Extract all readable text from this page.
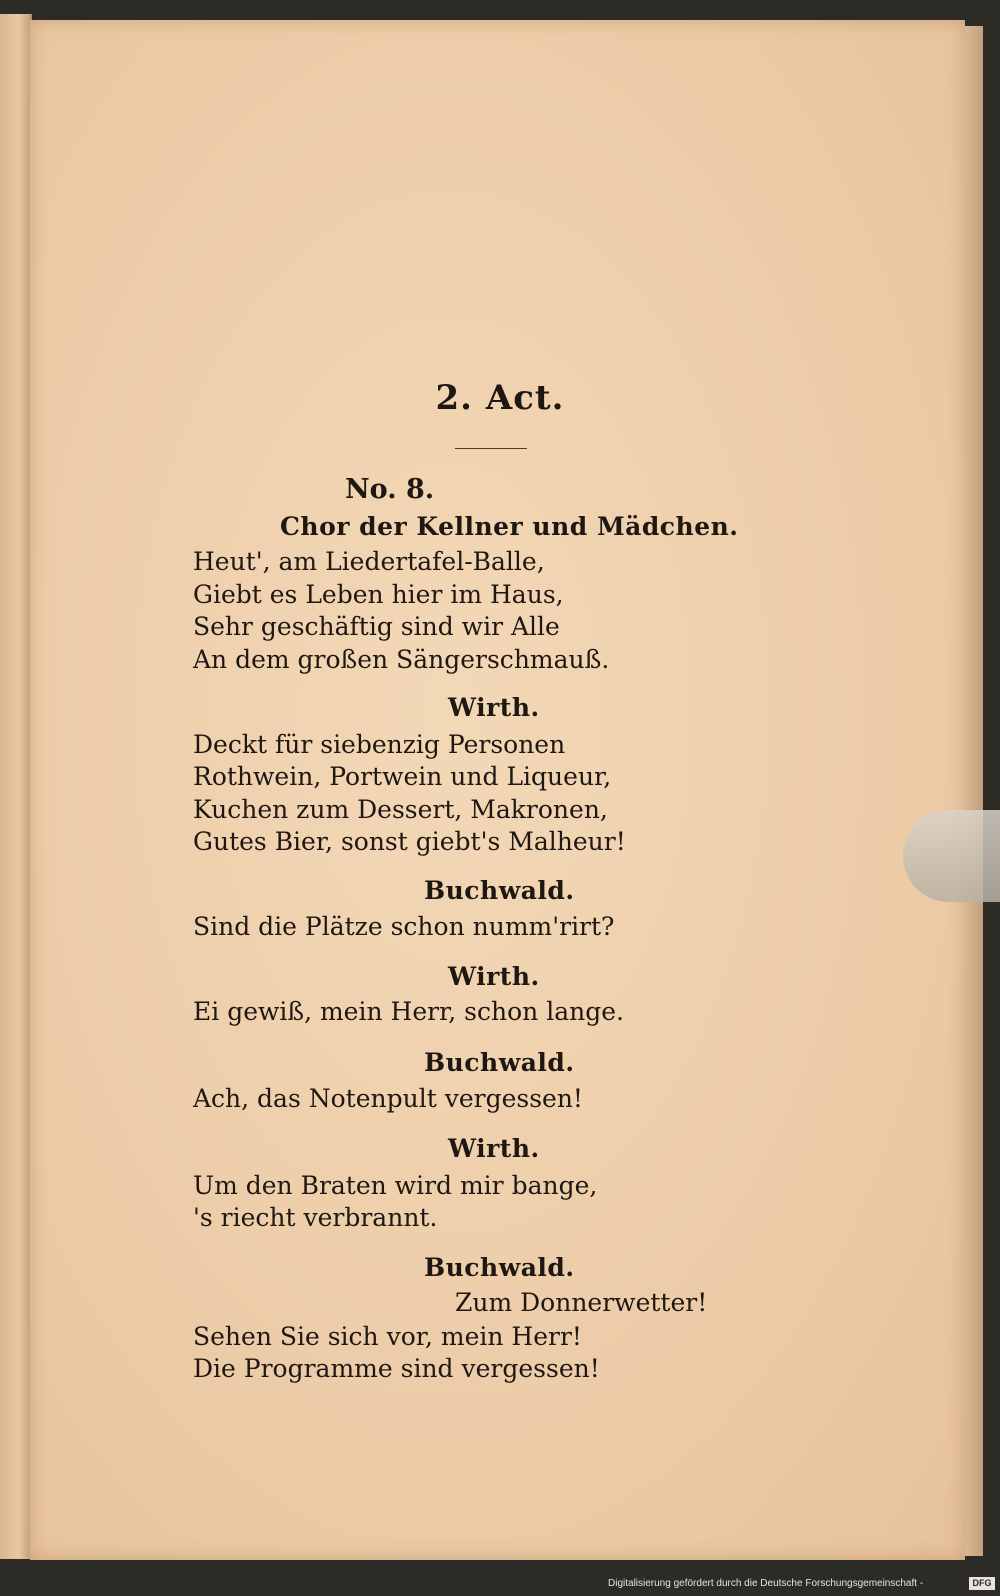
2. Act.
No. 8.
Chor der Kellner und Mädchen.
Heut', am Liedertafel-Balle,
Giebt es Leben hier im Haus,
Sehr geschäftig sind wir Alle
An dem großen Sängerschmauß.
Wirth.
Deckt für siebenzig Personen
Rothwein, Portwein und Liqueur,
Kuchen zum Dessert, Makronen,
Gutes Bier, sonst giebt's Malheur!
Buchwald.
Sind die Plätze schon numm'rirt?
Wirth.
Ei gewiß, mein Herr, schon lange.
Buchwald.
Ach, das Notenpult vergessen!
Wirth.
Um den Braten wird mir bange,
's riecht verbrannt.
Buchwald.
Zum Donnerwetter!
Sehen Sie sich vor, mein Herr!
Die Programme sind vergessen!
Digitalisierung gefördert durch die Deutsche Forschungsgemeinschaft -	DFG
